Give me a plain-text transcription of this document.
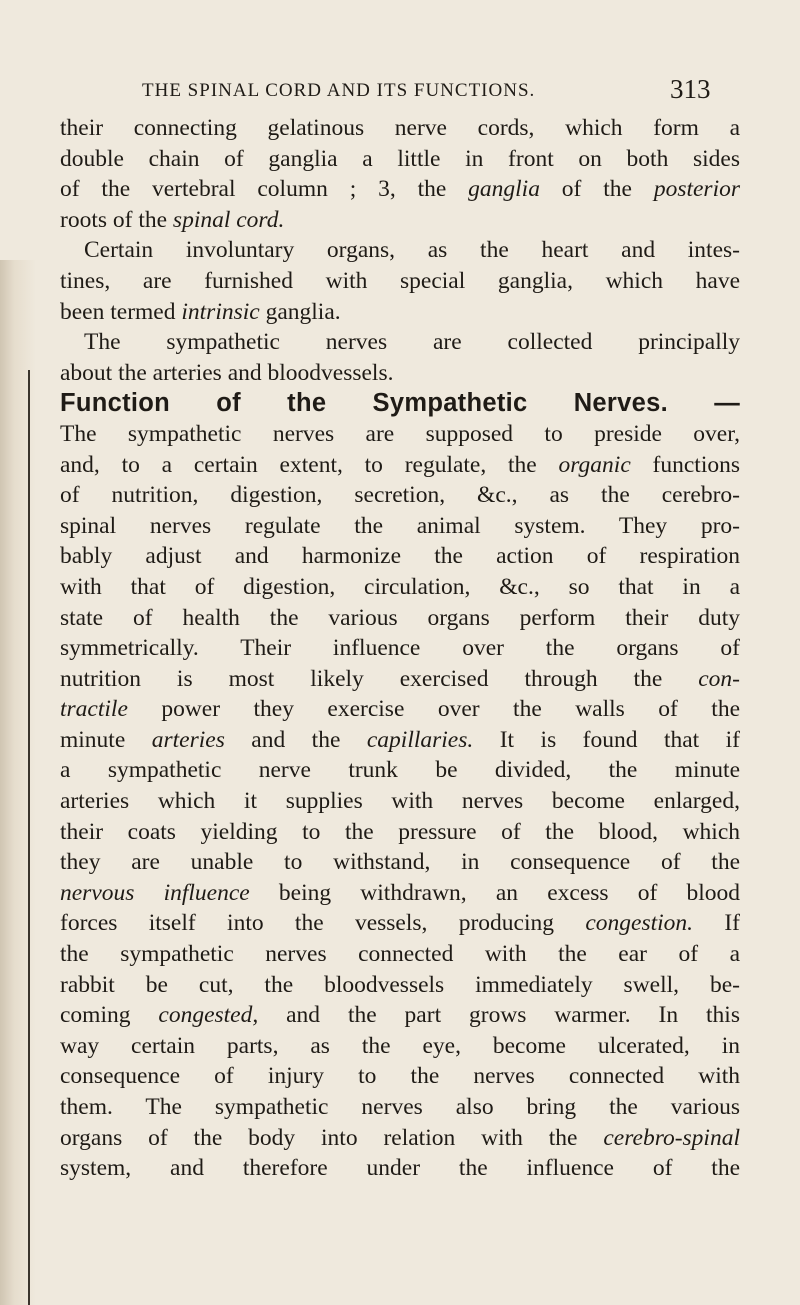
THE SPINAL CORD AND ITS FUNCTIONS.	313
their connecting gelatinous nerve cords, which form a
double chain of ganglia a little in front on both sides
of the vertebral column ; 3, the ganglia of the posterior
roots of the spinal cord.
Certain involuntary organs, as the heart and intes-
tines, are furnished with special ganglia, which have
been termed intrinsic ganglia.
The sympathetic nerves are collected principally
about the arteries and bloodvessels.
Function of the Sympathetic Nerves. —
The sympathetic nerves are supposed to preside over,
and, to a certain extent, to regulate, the organic functions
of nutrition, digestion, secretion, &c., as the cerebro-
spinal nerves regulate the animal system. They pro-
bably adjust and harmonize the action of respiration
with that of digestion, circulation, &c., so that in a
state of health the various organs perform their duty
symmetrically. Their influence over the organs of
nutrition is most likely exercised through the con-
tractile power they exercise over the walls of the
minute arteries and the capillaries. It is found that if
a sympathetic nerve trunk be divided, the minute
arteries which it supplies with nerves become enlarged,
their coats yielding to the pressure of the blood, which
they are unable to withstand, in consequence of the
nervous influence being withdrawn, an excess of blood
forces itself into the vessels, producing congestion. If
the sympathetic nerves connected with the ear of a
rabbit be cut, the bloodvessels immediately swell, be-
coming congested, and the part grows warmer. In this
way certain parts, as the eye, become ulcerated, in
consequence of injury to the nerves connected with
them. The sympathetic nerves also bring the various
organs of the body into relation with the cerebro-spinal
system, and therefore under the influence of the
